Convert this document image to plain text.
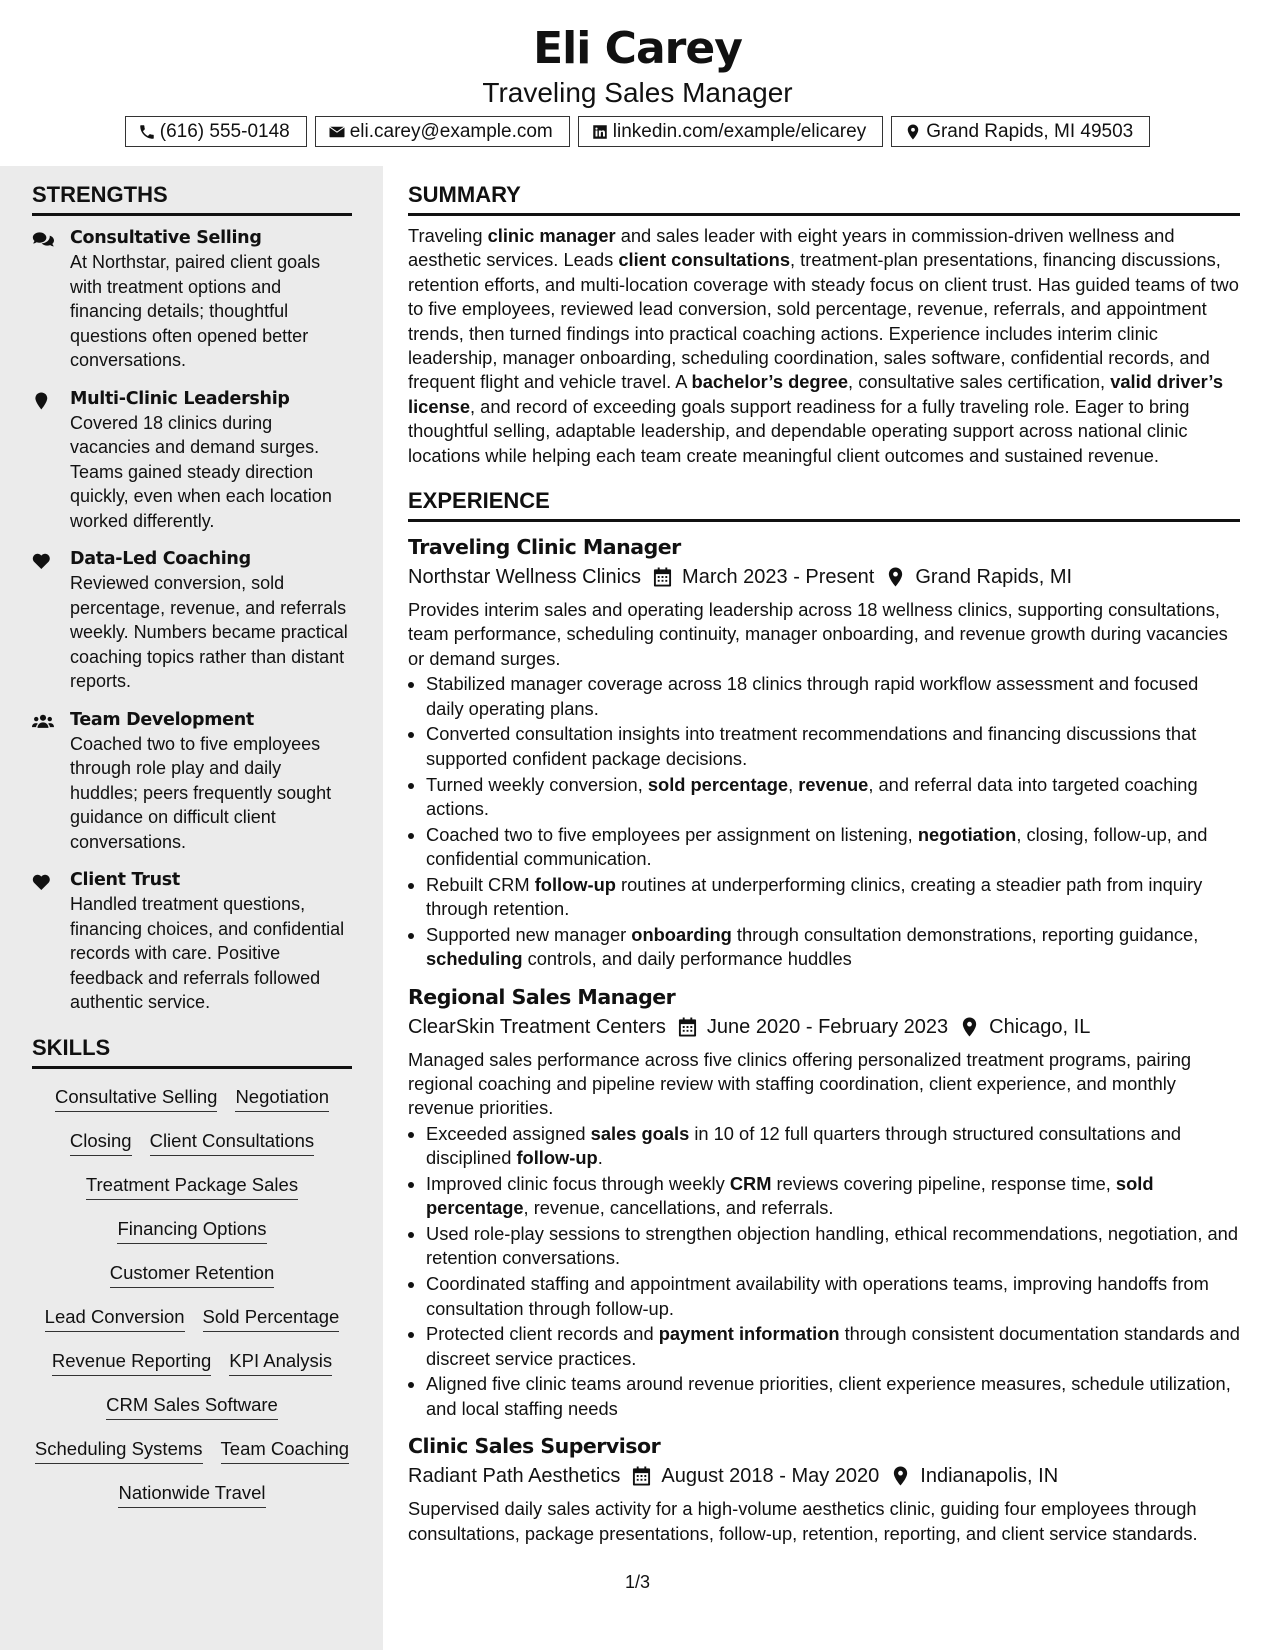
Eli Carey
Traveling Sales Manager
(616) 555-0148	eli.carey@example.com	linkedin.com/example/elicarey	Grand Rapids, MI 49503
STRENGTHS
Consultative Selling
At Northstar, paired client goals with treatment options and financing details; thoughtful questions often opened better conversations.
Multi-Clinic Leadership
Covered 18 clinics during vacancies and demand surges. Teams gained steady direction quickly, even when each location worked differently.
Data-Led Coaching
Reviewed conversion, sold percentage, revenue, and referrals weekly. Numbers became practical coaching topics rather than distant reports.
Team Development
Coached two to five employees through role play and daily huddles; peers frequently sought guidance on difficult client conversations.
Client Trust
Handled treatment questions, financing choices, and confidential records with care. Positive feedback and referrals followed authentic service.
SKILLS
Consultative Selling Negotiation
Closing Client Consultations
Treatment Package Sales
Financing Options
Customer Retention
Lead Conversion Sold Percentage
Revenue Reporting KPI Analysis
CRM Sales Software
Scheduling Systems Team Coaching
Nationwide Travel
SUMMARY

Traveling clinic manager and sales leader with eight years in commission-driven wellness and aesthetic services. Leads client consultations, treatment-plan presentations, financing discussions, retention efforts, and multi-location coverage with steady focus on client trust. Has guided teams of two to five employees, reviewed lead conversion, sold percentage, revenue, referrals, and appointment trends, then turned findings into practical coaching actions. Experience includes interim clinic leadership, manager onboarding, scheduling coordination, sales software, confidential records, and frequent flight and vehicle travel. A bachelor’s degree, consultative sales certification, valid driver’s license, and record of exceeding goals support readiness for a fully traveling role. Eager to bring thoughtful selling, adaptable leadership, and dependable operating support across national clinic locations while helping each team create meaningful client outcomes and sustained revenue.

EXPERIENCE
Traveling Clinic Manager
Northstar Wellness Clinics March 2023 - Present Grand Rapids, MI

Provides interim sales and operating leadership across 18 wellness clinics, supporting consultations, team performance, scheduling continuity, manager onboarding, and revenue growth during vacancies or demand surges.

• Stabilized manager coverage across 18 clinics through rapid workflow assessment and focused daily operating plans.
• Converted consultation insights into treatment recommendations and financing discussions that supported confident package decisions.
• Turned weekly conversion, sold percentage, revenue, and referral data into targeted coaching actions.
• Coached two to five employees per assignment on listening, negotiation, closing, follow-up, and confidential communication.
• Rebuilt CRM follow-up routines at underperforming clinics, creating a steadier path from inquiry through retention.
• Supported new manager onboarding through consultation demonstrations, reporting guidance, scheduling controls, and daily performance huddles
Regional Sales Manager
ClearSkin Treatment Centers June 2020 - February 2023 Chicago, IL

Managed sales performance across five clinics offering personalized treatment programs, pairing regional coaching and pipeline review with staffing coordination, client experience, and monthly revenue priorities.

• Exceeded assigned sales goals in 10 of 12 full quarters through structured consultations and disciplined follow-up.
• Improved clinic focus through weekly CRM reviews covering pipeline, response time, sold percentage, revenue, cancellations, and referrals.
• Used role-play sessions to strengthen objection handling, ethical recommendations, negotiation, and retention conversations.
• Coordinated staffing and appointment availability with operations teams, improving handoffs from consultation through follow-up.
• Protected client records and payment information through consistent documentation standards and discreet service practices.
• Aligned five clinic teams around revenue priorities, client experience measures, schedule utilization, and local staffing needs
Clinic Sales Supervisor
Radiant Path Aesthetics August 2018 - May 2020 Indianapolis, IN

Supervised daily sales activity for a high-volume aesthetics clinic, guiding four employees through consultations, package presentations, follow-up, retention, reporting, and client service standards.

1/3
